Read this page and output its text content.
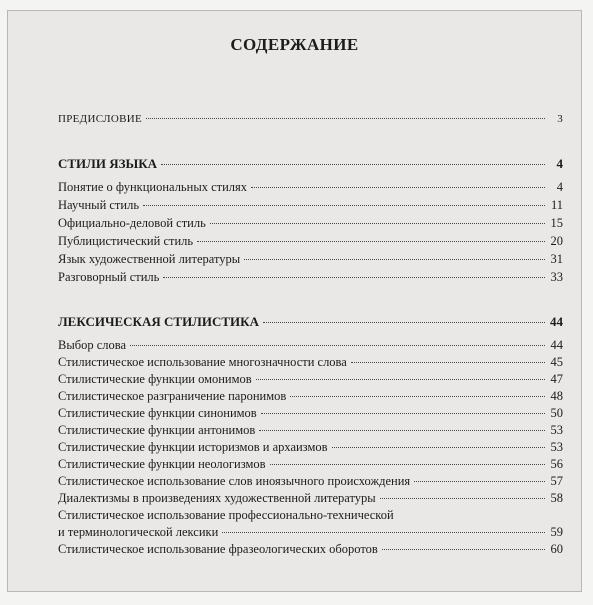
СОДЕРЖАНИЕ
ПРЕДИСЛОВИЕ	3
СТИЛИ ЯЗЫКА	4
Понятие о функциональных стилях	4
Научный стиль	11
Официально-деловой стиль	15
Публицистический стиль	20
Язык художественной литературы	31
Разговорный стиль	33
ЛЕКСИЧЕСКАЯ СТИЛИСТИКА	44
Выбор слова	44
Стилистическое использование многозначности слова	45
Стилистические функции омонимов	47
Стилистическое разграничение паронимов	48
Стилистические функции синонимов	50
Стилистические функции антонимов	53
Стилистические функции историзмов и архаизмов	53
Стилистические функции неологизмов	56
Стилистическое использование слов иноязычного происхождения	57
Диалектизмы в произведениях художественной литературы	58
Стилистическое использование профессионально-технической
и терминологической лексики	59
Стилистическое использование фразеологических оборотов	60
